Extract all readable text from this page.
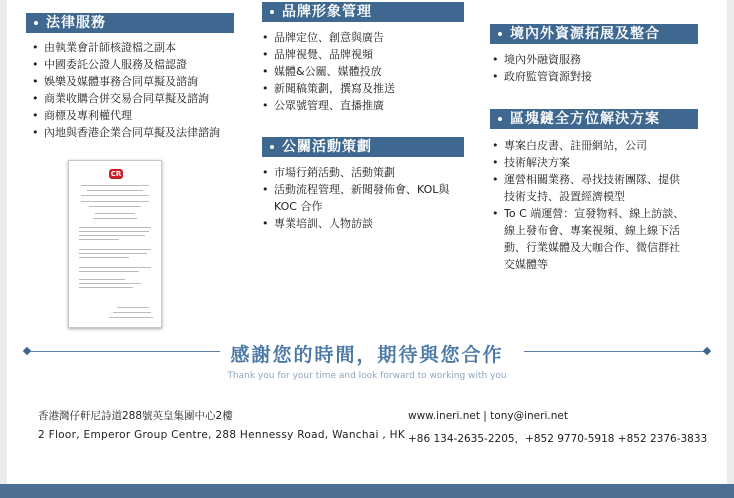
法律服務
• 由執業會計師核證檔之副本
• 中國委託公證人服務及檔認證
• 娛樂及媒體事務合同草擬及諮詢
• 商業收購合併交易合同草擬及諮詢
• 商標及專利權代理
• 內地與香港企業合同草擬及法律諮詢
品牌形象管理
• 品牌定位、創意與廣告
• 品牌視覺、品牌視頻
• 媒體&公關、媒體投放
• 新聞稿策劃，撰寫及推送
• 公眾號管理、直播推廣
公關活動策劃
• 市場行銷活動、活動策劃
• 活動流程管理、新聞發佈會、KOL與 KOC 合作
• 專業培訓、人物訪談
境內外資源拓展及整合
• 境內外融資服務
• 政府監管資源對接
區塊鏈全方位解決方案
• 專案白皮書、註冊網站，公司
• 技術解決方案
• 運營相關業務、尋找技術團隊、提供技術支持、設置經濟模型
• To C 端運營：宣發物料、線上訪談、線上發布會、專案視頻、線上線下活動、行業媒體及大咖合作、微信群社交媒體等
CR
感謝您的時間，期待與您合作
Thank you for your time and look forward to working with you
香港灣仔軒尼詩道288號英皇集團中心2樓
2 Floor, Emperor Group Centre, 288 Hennessy Road, Wanchai , HK
www.ineri.net | tony@ineri.net
+86 134-2635-2205，+852 9770-5918 +852 2376-3833
